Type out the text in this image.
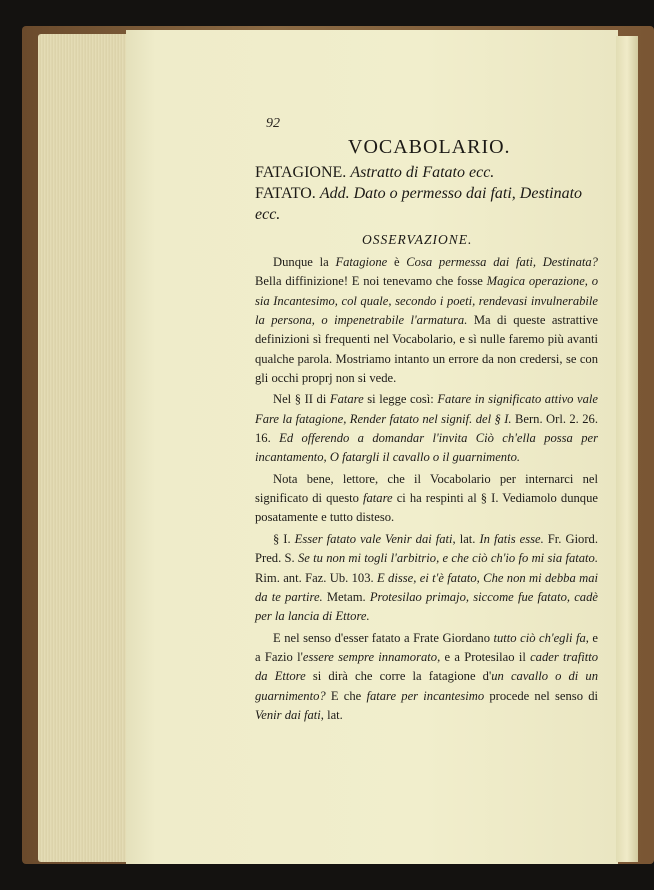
92
VOCABOLARIO.
FATAGIONE. Astratto di Fatato ecc.
FATATO. Add. Dato o permesso dai fati, Destinato ecc.
OSSERVAZIONE.

Dunque la Fatagione è Cosa permessa dai fati, Destinata? Bella diffinizione! E noi tenevamo che fosse Magica operazione, o sia Incantesimo, col quale, secondo i poeti, rendevasi invulnerabile la persona, o impenetrabile l'armatura. Ma di queste astrattive definizioni sì frequenti nel Vocabolario, e sì nulle faremo più avanti qualche parola. Mostriamo intanto un errore da non credersi, se con gli occhi proprj non si vede.

Nel § II di Fatare si legge così: Fatare in significato attivo vale Fare la fatagione, Render fatato nel signif. del § I. Bern. Orl. 2. 26. 16. Ed offerendo a domandar l'invita Ciò ch'ella possa per incantamento, O fatargli il cavallo o il guarnimento.

Nota bene, lettore, che il Vocabolario per internarci nel significato di questo fatare ci ha respinti al § I. Vediamolo dunque posatamente e tutto disteso.

§ I. Esser fatato vale Venir dai fati, lat. In fatis esse. Fr. Giord. Pred. S. Se tu non mi togli l'arbitrio, e che ciò ch'io fo mi sia fatato. Rim. ant. Faz. Ub. 103. E disse, ei t'è fatato, Che non mi debba mai da te partire. Metam. Protesilao primajo, siccome fue fatato, cadè per la lancia di Ettore.

E nel senso d'esser fatato a Frate Giordano tutto ciò ch'egli fa, e a Fazio l'essere sempre innamorato, e a Protesilao il cader trafitto da Ettore si dirà che corre la fatagione d'un cavallo o di un guarnimento? E che fatare per incantesimo procede nel senso di Venir dai fati, lat.
